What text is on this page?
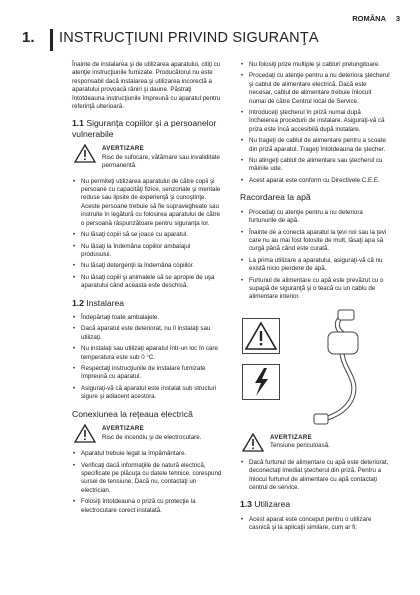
ROMÂNA 3
1. INSTRUCŢIUNI PRIVIND SIGURANŢA

Înainte de instalarea şi de utilizarea aparatului, citiţi cu atenţie instrucţiunile furnizate. Producătorul nu este responsabil dacă instalarea şi utilizarea incorectă a aparatului provoacă răniri şi daune. Păstraţi întotdeauna instrucţiunile împreună cu aparatul pentru referinţă ulterioară.

1.1 Siguranţa copiilor şi a persoanelor vulnerabile
AVERTIZARE
Risc de sufocare, vătămare sau invaliditate permanentă.
• Nu permiteţi utilizarea aparatului de către copii şi persoane cu capacităţi fizice, senzoriale şi mentale reduse sau lipsite de experienţă şi cunoştinţe. Aceste persoane trebuie să fie supravegheate sau instruite în legătură cu folosirea aparatului de către o persoană răspunzătoare pentru siguranţa lor.
• Nu lăsaţi copiii să se joace cu aparatul.
• Nu lăsaţi la îndemâna copiilor ambalajul produsului.
• Nu lăsaţi detergenţii la îndemâna copiilor.
• Nu lăsaţi copiii şi animalele să se apropie de uşa aparatului când aceasta este deschisă.
1.2 Instalarea
• Îndepărtaţi toate ambalajele.
• Dacă aparatul este deteriorat, nu îl instalaţi sau utilizaţi.
• Nu instalaţi sau utilizaţi aparatul într-un loc în care temperatura este sub 0 °C.
• Respectaţi instrucţiunile de instalare furnizate împreună cu aparatul.
• Asiguraţi-vă că aparatul este instalat sub structuri sigure şi adiacent acestora.
Conexiunea la reţeaua electrică
AVERTIZARE
Risc de incendiu şi de electrocutare.
• Aparatul trebuie legat la împământare.
• Verificaţi dacă informaţiile de natură electrică, specificate pe plăcuţa cu datele tehnice, corespund sursei de tensiune. Dacă nu, contactaţi un electrician.
• Folosiţi întotdeauna o priză cu protecţie la electrocutare corect instalată.
• Nu folosiţi prize multiple şi cabluri prelungitoare.
• Procedaţi cu atenţie pentru a nu deteriora ştecherul şi cablul de alimentare electrică. Dacă este necesar, cablul de alimentare trebuie înlocuit numai de către Centrul local de Service.
• Introduceţi ştecherul în priză numai după încheierea procedurii de instalare. Asiguraţi-vă că priza este încă accesibilă după instalare.
• Nu trageţi de cablul de alimentare pentru a scoate din priză aparatul. Trageţi întotdeauna de ştecher.
• Nu atingeţi cablul de alimentare sau ştecherul cu mâinile ude.
• Acest aparat este conform cu Directivele C.E.E.
Racordarea la apă
• Procedaţi cu atenţie pentru a nu deteriora furtunurile de apă.
• Înainte de a conecta aparatul la ţevi noi sau la ţevi care nu au mai fost folosite de mult, lăsaţi apa să curgă până când este curată.
• La prima utilizare a aparatului, asiguraţi-vă că nu există nicio pierdere de apă.
• Furtunul de alimentare cu apă este prevăzut cu o supapă de siguranţă şi o teacă cu un cablu de alimentare interior.
AVERTIZARE
Tensiune periculoasă.
• Dacă furtunul de alimentare cu apă este deteriorat, deconectaţi imediat ştecherul din priză. Pentru a înlocui furtunul de alimentare cu apă contactaţi centrul de service.
1.3 Utilizarea
• Acest aparat este conceput pentru o utilizare casnică şi la aplicaţii similare, cum ar fi:
